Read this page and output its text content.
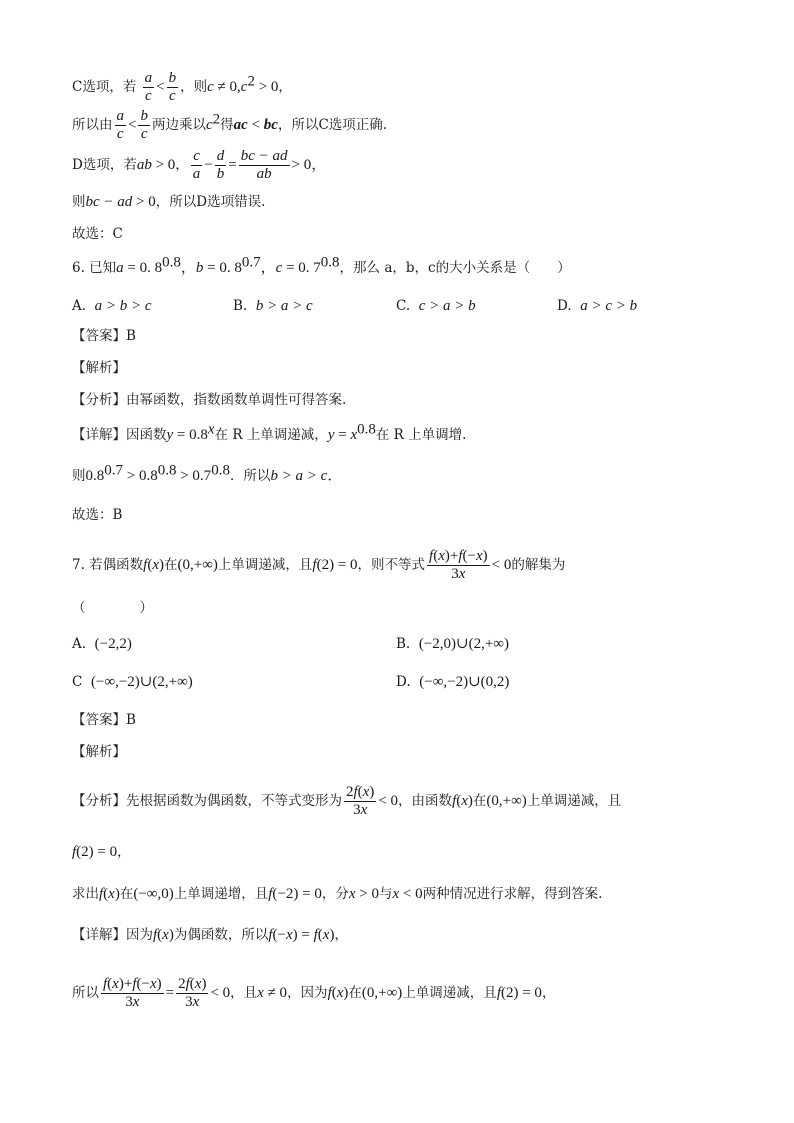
C选项，若 $\frac{a}{c} < \frac{b}{c}$ ，则$c \ne 0,c^2 > 0$，
所以由 $\frac{a}{c} < \frac{b}{c}$ 两边乘以$c^2$得ac < bc，所以C选项正确.
D选项，若ab > 0， $\frac{c}{a} - \frac{d}{b} = \frac{bc - ad}{ab} > 0$，
则bc − ad > 0，所以D选项错误.
故选：C
6. 已知a = 0. $8^{0.8}$，b = 0. $8^{0.7}$，c = 0. $7^{0.8}$，那么 a，b，c的大小关系是（　　）
A. a > b > c	B. b > a > c	C. c > a > b	D. a > c > b
【答案】B
【解析】
【分析】由幂函数，指数函数单调性可得答案.
【详解】因函数$y = 0.8^x$在 R 上单调递减，$y = x^{0.8}$在 R 上单调增.
则$0.8^{0.7} > 0.8^{0.8} > 0.7^{0.8}$．所以b > a > c．
故选：B
7. 若偶函数f(x)在(0,+∞)上单调递减，且f(2) = 0，则不等式 $\frac{f(x)+f(-x)}{3x} < 0$的解集为
（　　　　）
A. (−2,2)	B. (−2,0)∪(2,+∞)
C (−∞,−2)∪(2,+∞)	D. (−∞,−2)∪(0,2)
【答案】B
【解析】
【分析】先根据函数为偶函数，不等式变形为 $\frac{2f(x)}{3x} < 0$，由函数f(x)在(0,+∞)上单调递减，且
f(2) = 0，
求出f(x)在(−∞,0)上单调递增，且f(−2) = 0，分x > 0与x < 0两种情况进行求解，得到答案.
【详解】因为f(x)为偶函数，所以f(−x) = f(x)，
所以 $\frac{f(x)+f(-x)}{3x} = \frac{2f(x)}{3x} < 0$，且x ≠ 0，因为f(x)在(0,+∞)上单调递减，且f(2) = 0，
